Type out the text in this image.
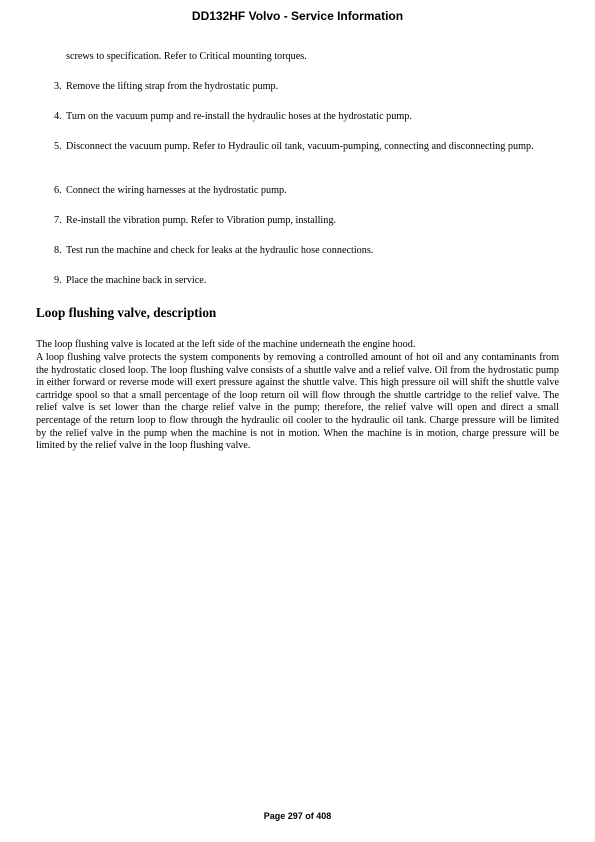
DD132HF Volvo - Service Information
screws to specification. Refer to Critical mounting torques.
3. Remove the lifting strap from the hydrostatic pump.
4. Turn on the vacuum pump and re-install the hydraulic hoses at the hydrostatic pump.
5. Disconnect the vacuum pump. Refer to Hydraulic oil tank, vacuum-pumping, connecting and disconnecting pump.
6. Connect the wiring harnesses at the hydrostatic pump.
7. Re-install the vibration pump. Refer to Vibration pump, installing.
8. Test run the machine and check for leaks at the hydraulic hose connections.
9. Place the machine back in service.
Loop flushing valve, description
The loop flushing valve is located at the left side of the machine underneath the engine hood.
A loop flushing valve protects the system components by removing a controlled amount of hot oil and any contaminants from the hydrostatic closed loop. The loop flushing valve consists of a shuttle valve and a relief valve. Oil from the hydrostatic pump in either forward or reverse mode will exert pressure against the shuttle valve. This high pressure oil will shift the shuttle valve cartridge spool so that a small percentage of the loop return oil will flow through the shuttle cartridge to the relief valve. The relief valve is set lower than the charge relief valve in the pump; therefore, the relief valve will open and direct a small percentage of the return loop to flow through the hydraulic oil cooler to the hydraulic oil tank. Charge pressure will be limited by the relief valve in the pump when the machine is not in motion. When the machine is in motion, charge pressure will be limited by the relief valve in the loop flushing valve.
Page 297 of 408
